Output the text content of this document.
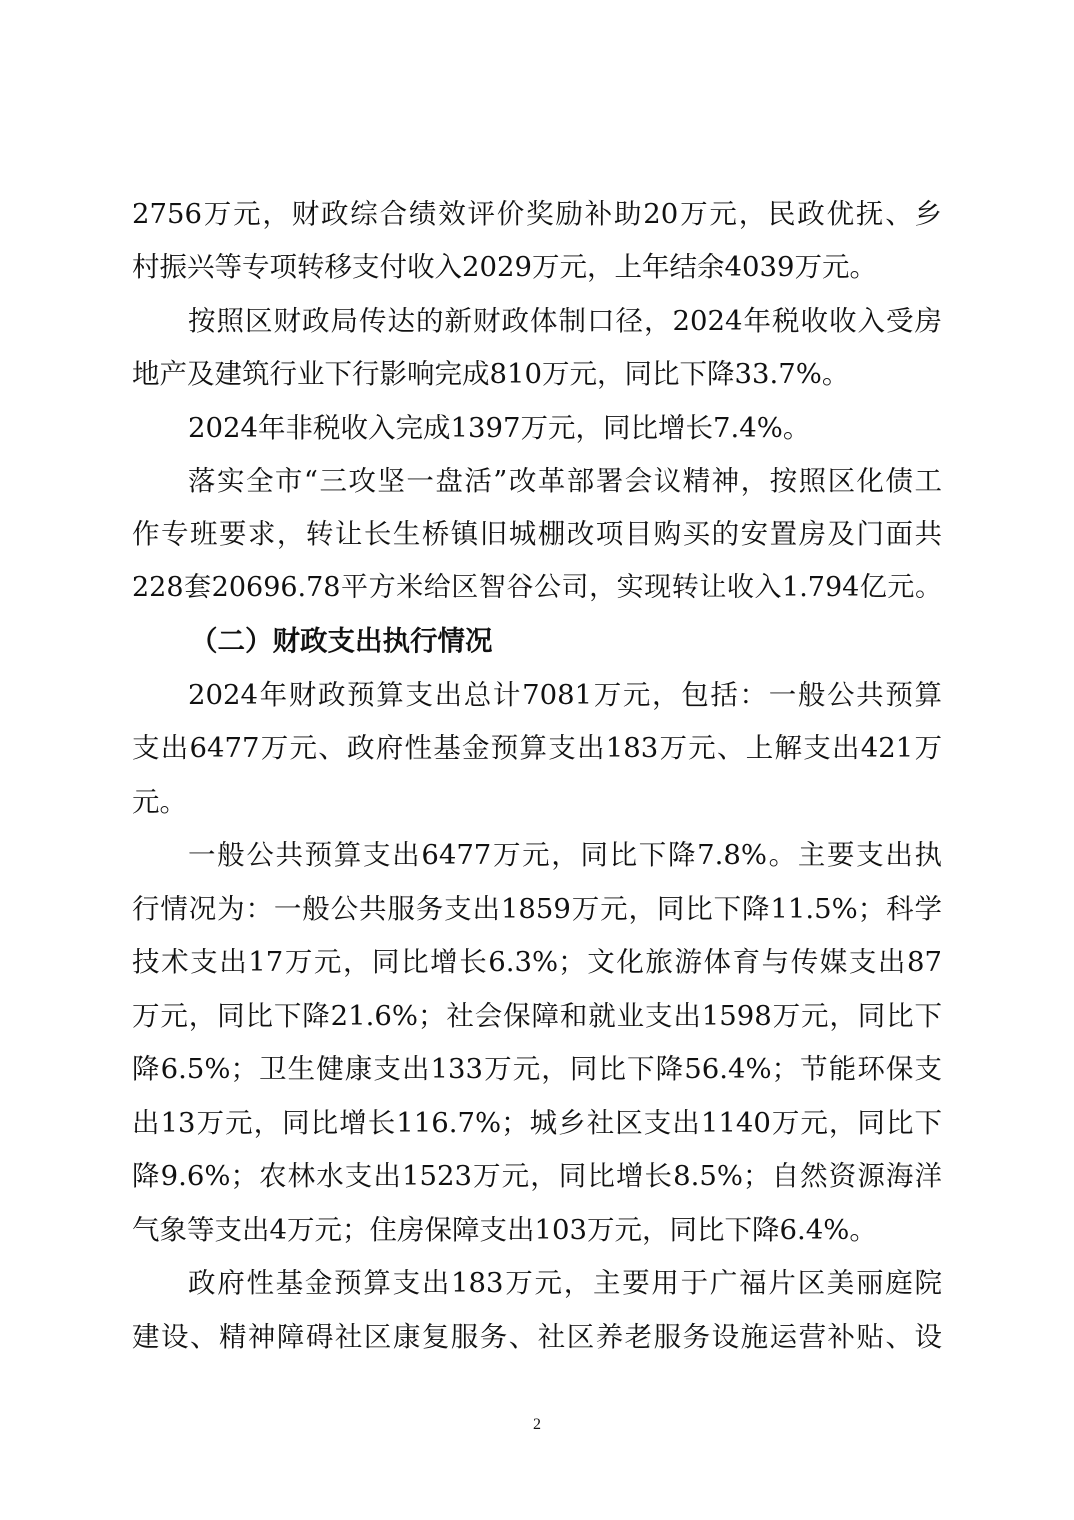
2756万元，财政综合绩效评价奖励补助20万元，民政优抚、乡
村振兴等专项转移支付收入2029万元，上年结余4039万元。
按照区财政局传达的新财政体制口径，2024年税收收入受房
地产及建筑行业下行影响完成810万元，同比下降33.7%。
2024年非税收入完成1397万元，同比增长7.4%。
落实全市“三攻坚一盘活”改革部署会议精神，按照区化债工
作专班要求，转让长生桥镇旧城棚改项目购买的安置房及门面共
228套20696.78平方米给区智谷公司，实现转让收入1.794亿元。
（二）财政支出执行情况
2024年财政预算支出总计7081万元，包括：一般公共预算
支出6477万元、政府性基金预算支出183万元、上解支出421万
元。
一般公共预算支出6477万元，同比下降7.8%。主要支出执
行情况为：一般公共服务支出1859万元，同比下降11.5%；科学
技术支出17万元，同比增长6.3%；文化旅游体育与传媒支出87
万元，同比下降21.6%；社会保障和就业支出1598万元，同比下
降6.5%；卫生健康支出133万元，同比下降56.4%；节能环保支
出13万元，同比增长116.7%；城乡社区支出1140万元，同比下
降9.6%；农林水支出1523万元，同比增长8.5%；自然资源海洋
气象等支出4万元；住房保障支出103万元，同比下降6.4%。
政府性基金预算支出183万元，主要用于广福片区美丽庭院
建设、精神障碍社区康复服务、社区养老服务设施运营补贴、设
2
